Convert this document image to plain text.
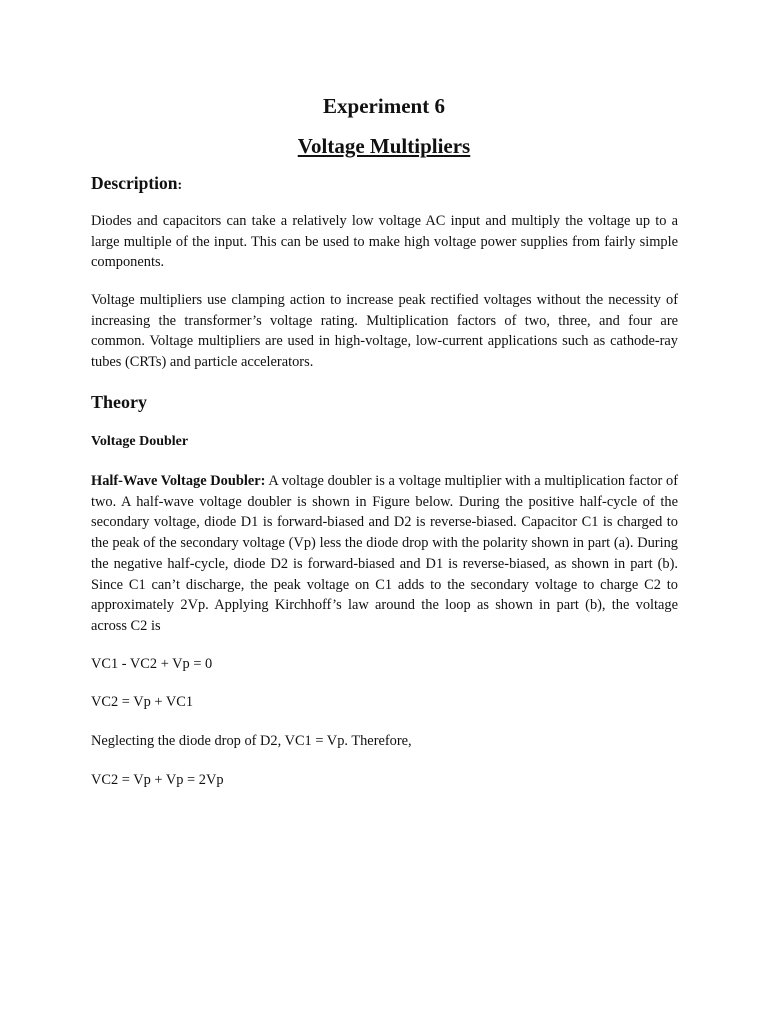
Experiment 6
Voltage Multipliers
Description:

Diodes and capacitors can take a relatively low voltage AC input and multiply the voltage up to a large multiple of the input. This can be used to make high voltage power supplies from fairly simple components.

Voltage multipliers use clamping action to increase peak rectified voltages without the necessity of increasing the transformer’s voltage rating. Multiplication factors of two, three, and four are common. Voltage multipliers are used in high-voltage, low-current applications such as cathode-ray tubes (CRTs) and particle accelerators.

Theory
Voltage Doubler

Half-Wave Voltage Doubler: A voltage doubler is a voltage multiplier with a multiplication factor of two. A half-wave voltage doubler is shown in Figure below. During the positive half-cycle of the secondary voltage, diode D1 is forward-biased and D2 is reverse-biased. Capacitor C1 is charged to the peak of the secondary voltage (Vp) less the diode drop with the polarity shown in part (a). During the negative half-cycle, diode D2 is forward-biased and D1 is reverse-biased, as shown in part (b). Since C1 can’t discharge, the peak voltage on C1 adds to the secondary voltage to charge C2 to approximately 2Vp. Applying Kirchhoff’s law around the loop as shown in part (b), the voltage across C2 is

VC1 - VC2 + Vp = 0

VC2 = Vp + VC1

Neglecting the diode drop of D2, VC1 = Vp. Therefore,

VC2 = Vp + Vp = 2Vp
